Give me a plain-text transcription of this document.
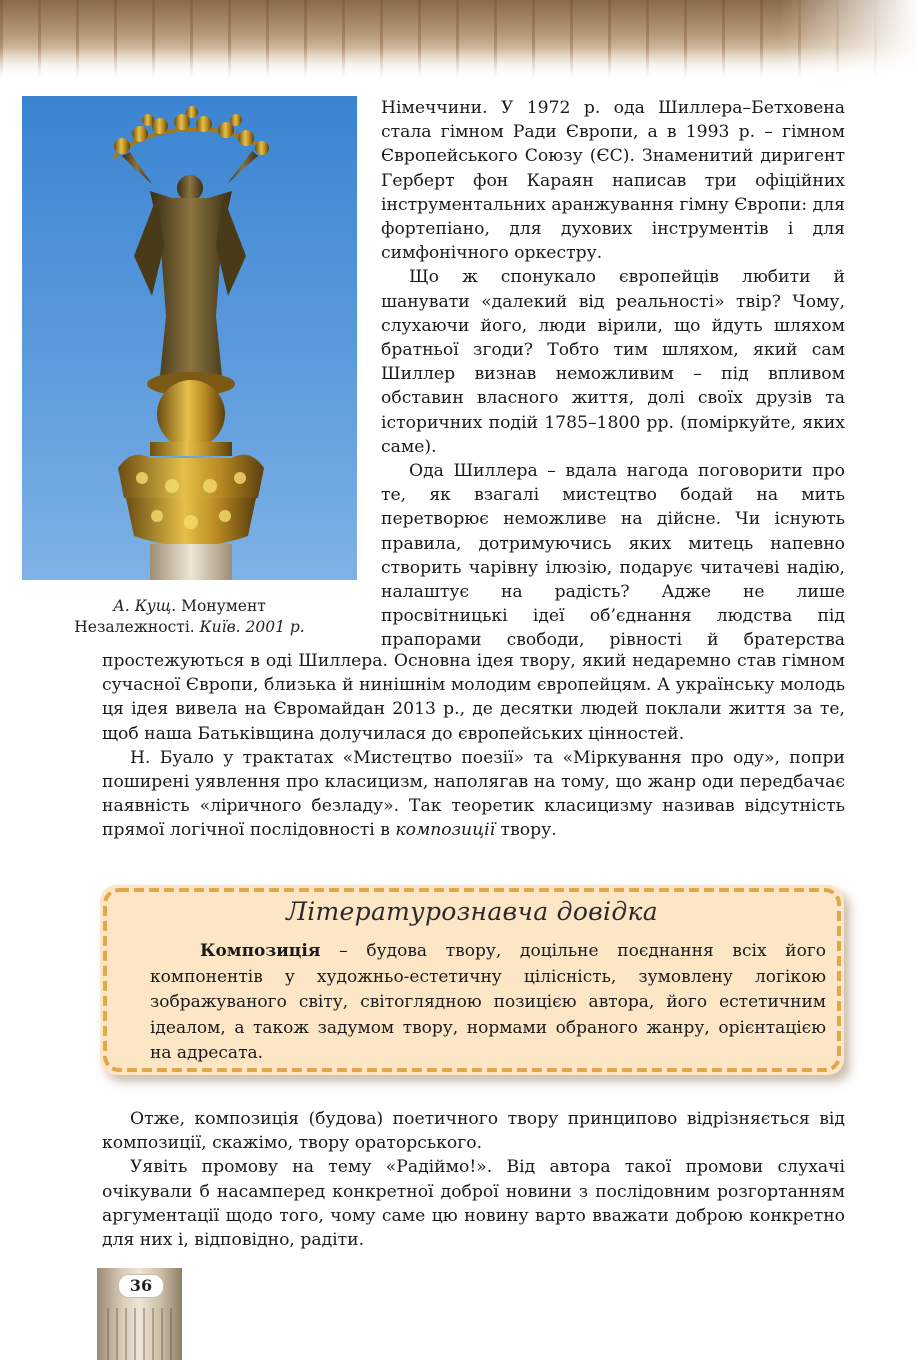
А. Кущ. Монумент
Незалежності. Київ. 2001 р.

Німеччини. У 1972 р. ода Шиллера–Бетховена стала гімном Ради Європи, а в 1993 р. – гімном Європейського Союзу (ЄС). Знаменитий диригент Герберт фон Караян написав три офіційних інструментальних аранжування гімну Європи: для фортепіано, для духових інструментів і для симфонічного оркестру.

Що ж спонукало європейців любити й шанувати «далекий від реальності» твір? Чому, слухаючи його, люди вірили, що йдуть шляхом братньої згоди? Тобто тим шляхом, який сам Шиллер визнав неможливим – під впливом обставин власного життя, долі своїх друзів та історичних подій 1785–1800 рр. (поміркуйте, яких саме).

Ода Шиллера – вдала нагода поговорити про те, як взагалі мистецтво бодай на мить перетворює неможливе на дійсне. Чи існують правила, дотримуючись яких митець напевно створить чарівну ілюзію, подарує читачеві надію, налаштує на радість? Адже не лише просвітницькі ідеї об’єднання людства під прапорами свободи, рівності й братерства

простежуються в оді Шиллера. Основна ідея твору, який недаремно став гімном сучасної Європи, близька й нинішнім молодим європейцям. А українську молодь ця ідея вивела на Євромайдан 2013 р., де десятки людей поклали життя за те, щоб наша Батьківщина долучилася до європейських цінностей.

Н. Буало у трактатах «Мистецтво поезії» та «Міркування про оду», попри поширені уявлення про класицизм, наполягав на тому, що жанр оди передбачає наявність «ліричного безладу». Так теоретик класицизму називав відсутність прямої логічної послідовності в композиції твору.

Літературознавча довідка
Композиція – будова твору, доцільне поєднання всіх його компонентів у художньо-естетичну цілісність, зумовлену логікою зображуваного світу, світоглядною позицією автора, його естетичним ідеалом, а також задумом твору, нормами обраного жанру, орієнтацією на адресата.

Отже, композиція (будова) поетичного твору принципово відрізняється від композиції, скажімо, твору ораторського.

Уявіть промову на тему «Радіймо!». Від автора такої промови слухачі очікували б насамперед конкретної доброї новини з послідовним розгортанням аргументації щодо того, чому саме цю новину варто вважати доброю конкретно для них і, відповідно, радіти.

36
